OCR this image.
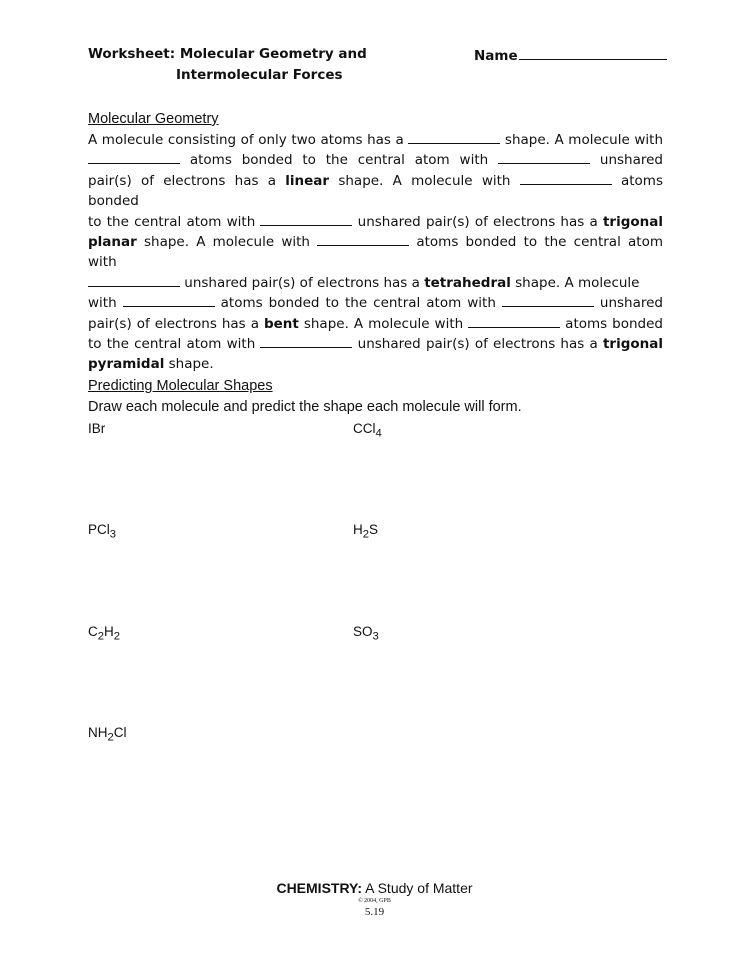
Worksheet: Molecular Geometry and
Intermolecular Forces
Name
Molecular Geometry
A molecule consisting of only two atoms has a	shape. A molecule with
atoms bonded to the central atom with	unshared
pair(s) of electrons has a linear shape. A molecule with	atoms bonded
to the central atom with	unshared pair(s) of electrons has a trigonal
planar shape. A molecule with	atoms bonded to the central atom with
unshared pair(s) of electrons has a tetrahedral shape. A molecule
with	atoms bonded to the central atom with	unshared
pair(s) of electrons has a bent shape. A molecule with	atoms bonded
to the central atom with	unshared pair(s) of electrons has a trigonal
pyramidal shape.
Predicting Molecular Shapes
Draw each molecule and predict the shape each molecule will form.
IBr	CCl$_4$
PCl$_3$	$H_2S$
$C_2H_2$	$SO_3$
$NH_2Cl$
CHEMISTRY: A Study of Matter
© 2004, GPB
5.19
